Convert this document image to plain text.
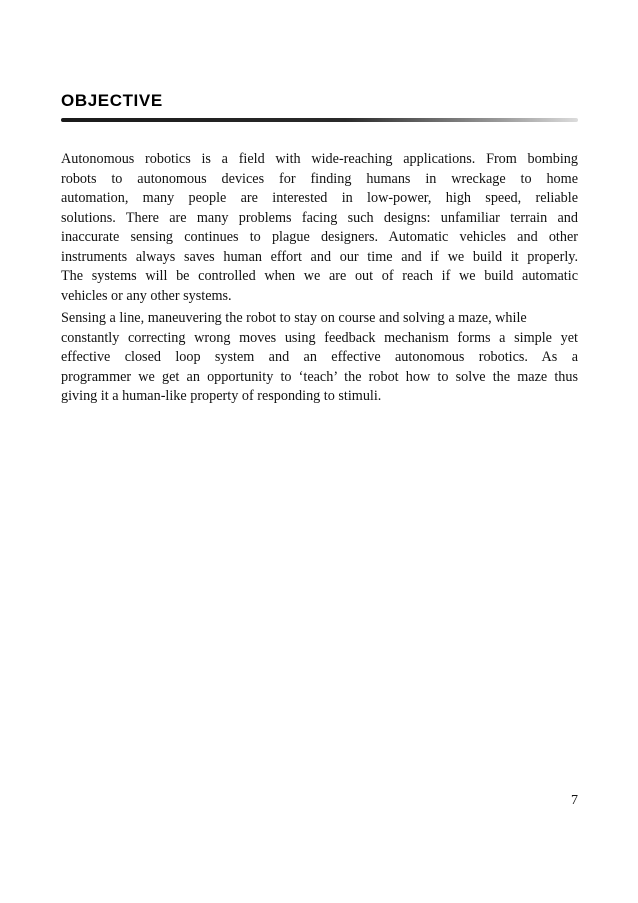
OBJECTIVE
Autonomous robotics is a field with wide-reaching applications. From bombing
robots to autonomous devices for finding humans in wreckage to home
automation, many people are interested in low-power, high speed, reliable
solutions. There are many problems facing such designs: unfamiliar terrain and
inaccurate sensing continues to plague designers. Automatic vehicles and other
instruments always saves human effort and our time and if we build it properly.
The systems will be controlled when we are out of reach if we build automatic
vehicles or any other systems.
Sensing a line, maneuvering the robot to stay on course and solving a maze, while
constantly correcting wrong moves using feedback mechanism forms a simple yet
effective closed loop system and an effective autonomous robotics. As a
programmer we get an opportunity to ‘teach’ the robot how to solve the maze thus
giving it a human-like property of responding to stimuli.

7
